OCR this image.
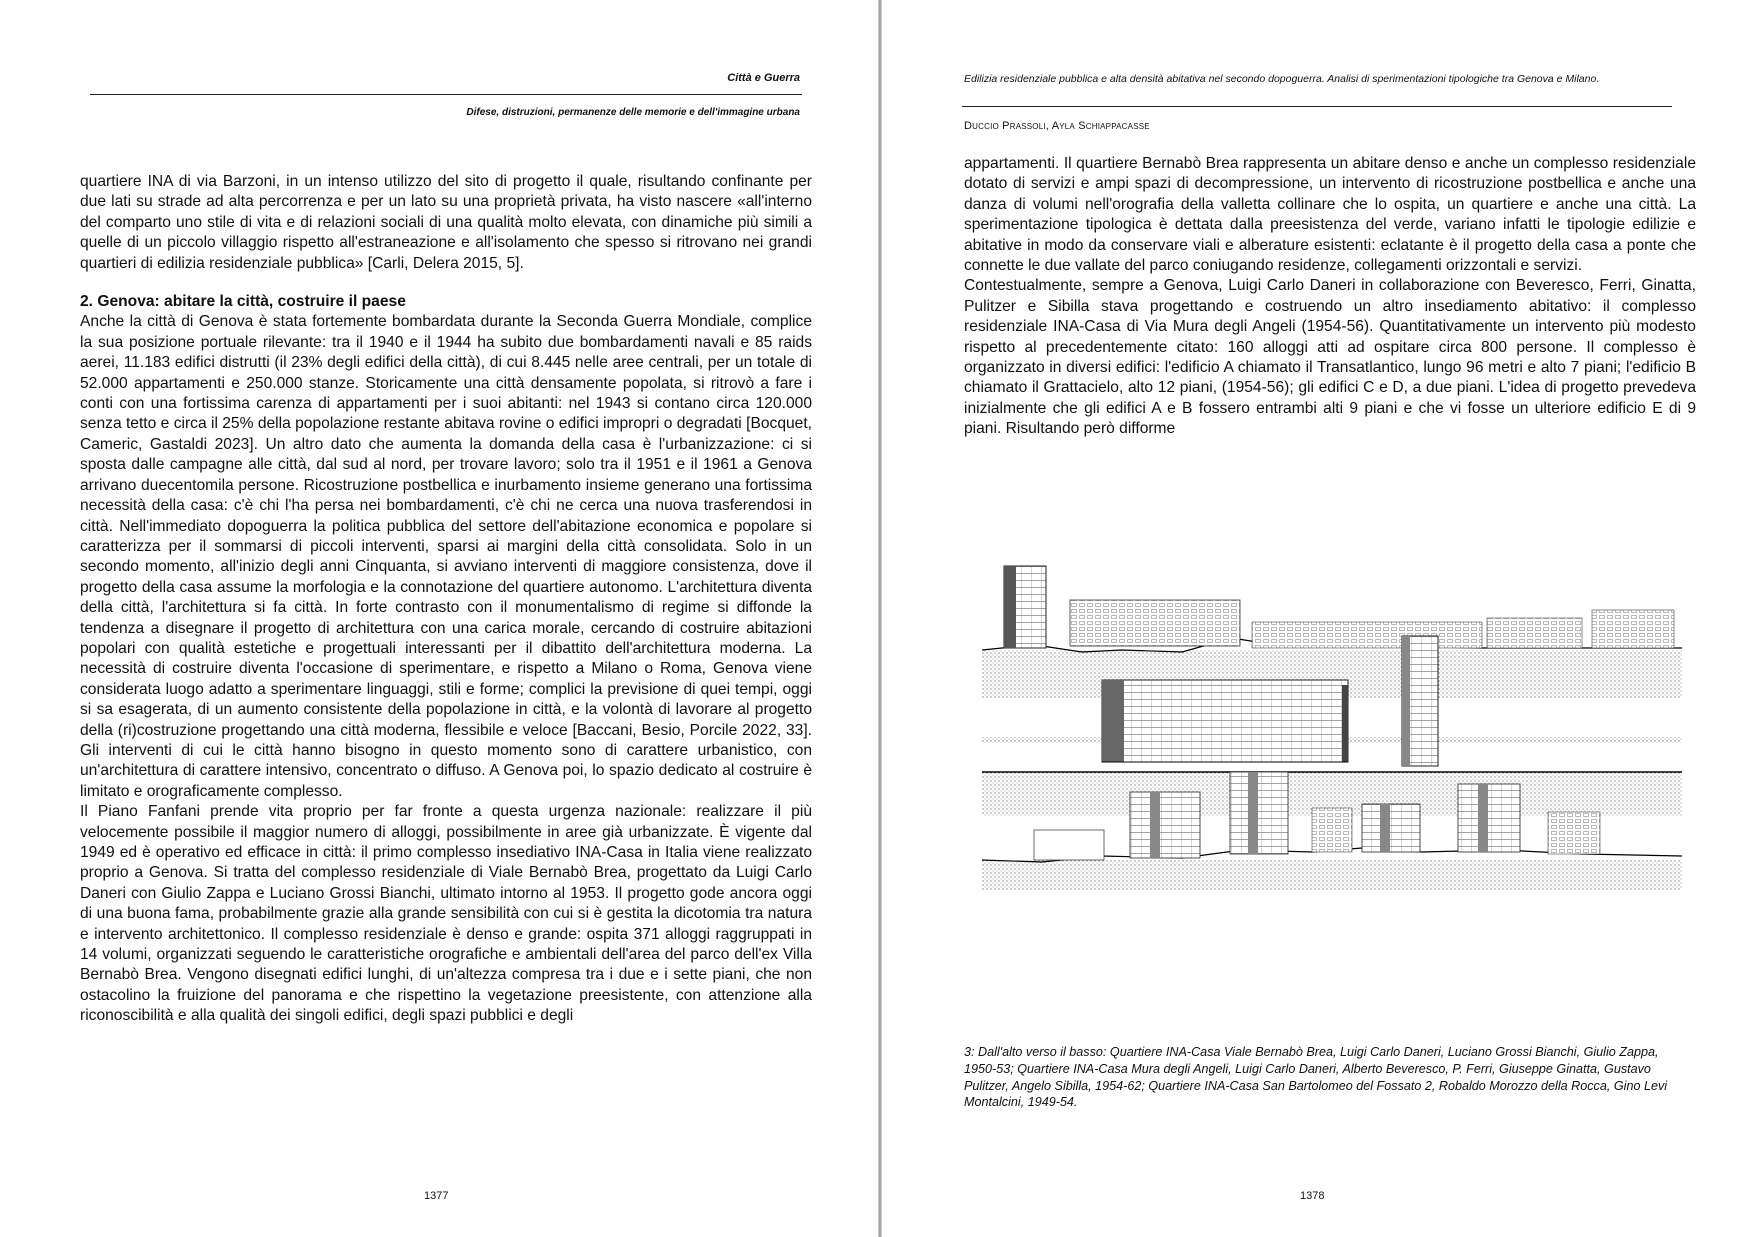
Città e Guerra
Difese, distruzioni, permanenze delle memorie e dell'immagine urbana

quartiere INA di via Barzoni, in un intenso utilizzo del sito di progetto il quale, risultando confinante per due lati su strade ad alta percorrenza e per un lato su una proprietà privata, ha visto nascere «all'interno del comparto uno stile di vita e di relazioni sociali di una qualità molto elevata, con dinamiche più simili a quelle di un piccolo villaggio rispetto all'estraneazione e all'isolamento che spesso si ritrovano nei grandi quartieri di edilizia residenziale pubblica» [Carli, Delera 2015, 5].

2. Genova: abitare la città, costruire il paese

Anche la città di Genova è stata fortemente bombardata durante la Seconda Guerra Mondiale, complice la sua posizione portuale rilevante: tra il 1940 e il 1944 ha subito due bombardamenti navali e 85 raids aerei, 11.183 edifici distrutti (il 23% degli edifici della città), di cui 8.445 nelle aree centrali, per un totale di 52.000 appartamenti e 250.000 stanze. Storicamente una città densamente popolata, si ritrovò a fare i conti con una fortissima carenza di appartamenti per i suoi abitanti: nel 1943 si contano circa 120.000 senza tetto e circa il 25% della popolazione restante abitava rovine o edifici impropri o degradati [Bocquet, Cameric, Gastaldi 2023]. Un altro dato che aumenta la domanda della casa è l'urbanizzazione: ci si sposta dalle campagne alle città, dal sud al nord, per trovare lavoro; solo tra il 1951 e il 1961 a Genova arrivano duecentomila persone. Ricostruzione postbellica e inurbamento insieme generano una fortissima necessità della casa: c'è chi l'ha persa nei bombardamenti, c'è chi ne cerca una nuova trasferendosi in città. Nell'immediato dopoguerra la politica pubblica del settore dell'abitazione economica e popolare si caratterizza per il sommarsi di piccoli interventi, sparsi ai margini della città consolidata. Solo in un secondo momento, all'inizio degli anni Cinquanta, si avviano interventi di maggiore consistenza, dove il progetto della casa assume la morfologia e la connotazione del quartiere autonomo. L'architettura diventa della città, l'architettura si fa città. In forte contrasto con il monumentalismo di regime si diffonde la tendenza a disegnare il progetto di architettura con una carica morale, cercando di costruire abitazioni popolari con qualità estetiche e progettuali interessanti per il dibattito dell'architettura moderna. La necessità di costruire diventa l'occasione di sperimentare, e rispetto a Milano o Roma, Genova viene considerata luogo adatto a sperimentare linguaggi, stili e forme; complici la previsione di quei tempi, oggi si sa esagerata, di un aumento consistente della popolazione in città, e la volontà di lavorare al progetto della (ri)costruzione progettando una città moderna, flessibile e veloce [Baccani, Besio, Porcile 2022, 33]. Gli interventi di cui le città hanno bisogno in questo momento sono di carattere urbanistico, con un'architettura di carattere intensivo, concentrato o diffuso. A Genova poi, lo spazio dedicato al costruire è limitato e orograficamente complesso.

Il Piano Fanfani prende vita proprio per far fronte a questa urgenza nazionale: realizzare il più velocemente possibile il maggior numero di alloggi, possibilmente in aree già urbanizzate. È vigente dal 1949 ed è operativo ed efficace in città: il primo complesso insediativo INA-Casa in Italia viene realizzato proprio a Genova. Si tratta del complesso residenziale di Viale Bernabò Brea, progettato da Luigi Carlo Daneri con Giulio Zappa e Luciano Grossi Bianchi, ultimato intorno al 1953. Il progetto gode ancora oggi di una buona fama, probabilmente grazie alla grande sensibilità con cui si è gestita la dicotomia tra natura e intervento architettonico. Il complesso residenziale è denso e grande: ospita 371 alloggi raggruppati in 14 volumi, organizzati seguendo le caratteristiche orografiche e ambientali dell'area del parco dell'ex Villa Bernabò Brea. Vengono disegnati edifici lunghi, di un'altezza compresa tra i due e i sette piani, che non ostacolino la fruizione del panorama e che rispettino la vegetazione preesistente, con attenzione alla riconoscibilità e alla qualità dei singoli edifici, degli spazi pubblici e degli

1377
Edilizia residenziale pubblica e alta densità abitativa nel secondo dopoguerra. Analisi di sperimentazioni tipologiche tra Genova e Milano.
Duccio Prassoli, Ayla Schiappacasse

appartamenti. Il quartiere Bernabò Brea rappresenta un abitare denso e anche un complesso residenziale dotato di servizi e ampi spazi di decompressione, un intervento di ricostruzione postbellica e anche una danza di volumi nell'orografia della valletta collinare che lo ospita, un quartiere e anche una città. La sperimentazione tipologica è dettata dalla preesistenza del verde, variano infatti le tipologie edilizie e abitative in modo da conservare viali e alberature esistenti: eclatante è il progetto della casa a ponte che connette le due vallate del parco coniugando residenze, collegamenti orizzontali e servizi.

Contestualmente, sempre a Genova, Luigi Carlo Daneri in collaborazione con Beveresco, Ferri, Ginatta, Pulitzer e Sibilla stava progettando e costruendo un altro insediamento abitativo: il complesso residenziale INA-Casa di Via Mura degli Angeli (1954-56). Quantitativamente un intervento più modesto rispetto al precedentemente citato: 160 alloggi atti ad ospitare circa 800 persone. Il complesso è organizzato in diversi edifici: l'edificio A chiamato il Transatlantico, lungo 96 metri e alto 7 piani; l'edificio B chiamato il Grattacielo, alto 12 piani, (1954-56); gli edifici C e D, a due piani. L'idea di progetto prevedeva inizialmente che gli edifici A e B fossero entrambi alti 9 piani e che vi fosse un ulteriore edificio E di 9 piani. Risultando però difforme

3: Dall'alto verso il basso: Quartiere INA-Casa Viale Bernabò Brea, Luigi Carlo Daneri, Luciano Grossi Bianchi, Giulio Zappa, 1950-53; Quartiere INA-Casa Mura degli Angeli, Luigi Carlo Daneri, Alberto Beveresco, P. Ferri, Giuseppe Ginatta, Gustavo Pulitzer, Angelo Sibilla, 1954-62; Quartiere INA-Casa San Bartolomeo del Fossato 2, Robaldo Morozzo della Rocca, Gino Levi Montalcini, 1949-54.
1378
